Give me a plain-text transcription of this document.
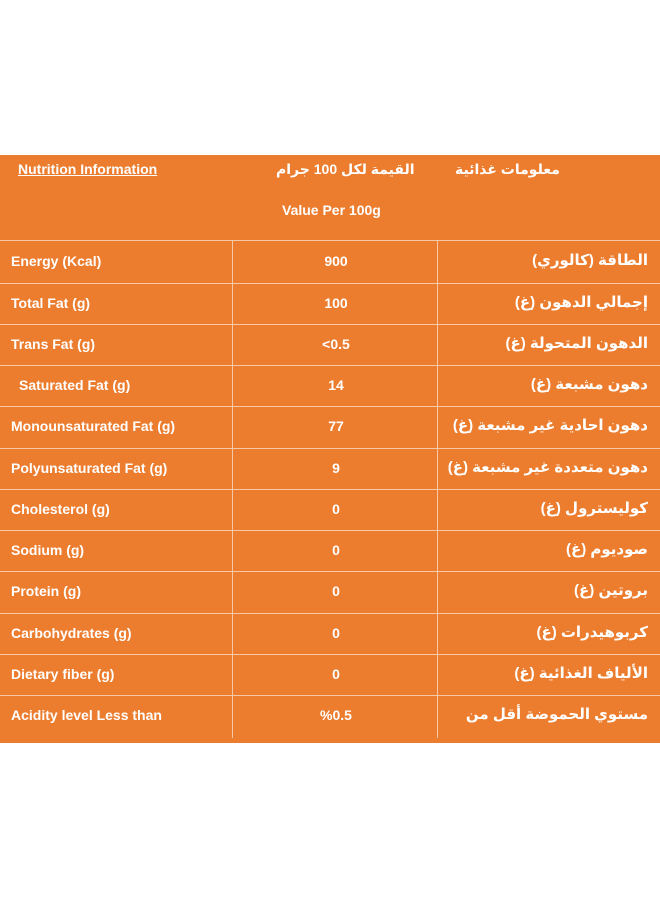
Nutrition Information	القيمة لكل 100 جرام	معلومات غذائية
Value Per 100g
Energy (Kcal)	900	الطاقة (كالوري)
Total Fat (g)	100	إجمالي الدهون (غ)
Trans Fat (g)	<0.5	الدهون المتحولة (غ)
Saturated Fat (g)	14	دهون مشبعة (غ)
Monounsaturated Fat (g)	77	دهون احادية غير مشبعة (غ)
Polyunsaturated Fat (g)	9	دهون متعددة غير مشبعة (غ)
Cholesterol (g)	0	كوليسترول (غ)
Sodium (g)	0	صوديوم (غ)
Protein (g)	0	بروتين (غ)
Carbohydrates (g)	0	كربوهيدرات (غ)
Dietary fiber (g)	0	الألياف الغذائية (غ)
Acidity level Less than	%0.5	مستوي الحموضة أقل من
